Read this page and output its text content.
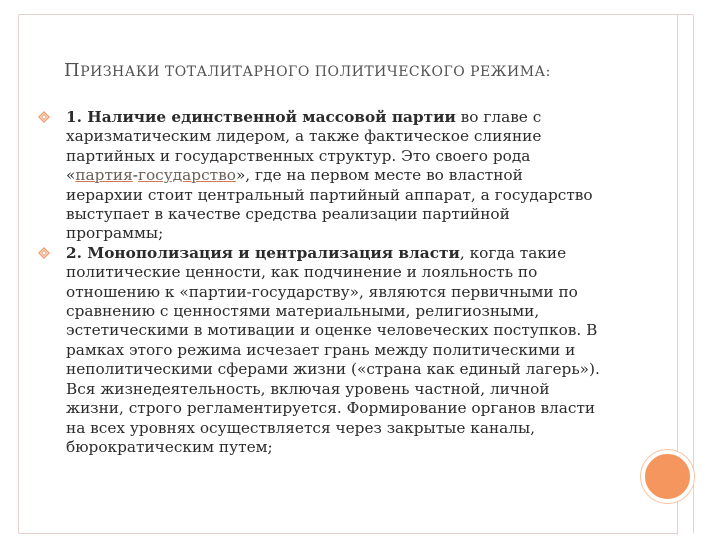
ПРИЗНАКИ ТОТАЛИТАРНОГО ПОЛИТИЧЕСКОГО РЕЖИМА:
1. Наличие единственной массовой партии во главе с харизматическим лидером, а также фактическое слияние партийных и государственных структур. Это своего рода «партия-государство», где на первом месте во властной иерархии стоит центральный партийный аппарат, а государство выступает в качестве средства реализации партийной программы;
2. Монополизация и централизация власти, когда такие политические ценности, как подчинение и лояльность по отношению к «партии-государству», являются первичными по сравнению с ценностями материальными, религиозными, эстетическими в мотивации и оценке человеческих поступков. В рамках этого режима исчезает грань между политическими и неполитическими сферами жизни («страна как единый лагерь»). Вся жизнедеятельность, включая уровень частной, личной жизни, строго регламентируется. Формирование органов власти на всех уровнях осуществляется через закрытые каналы, бюрократическим путем;
